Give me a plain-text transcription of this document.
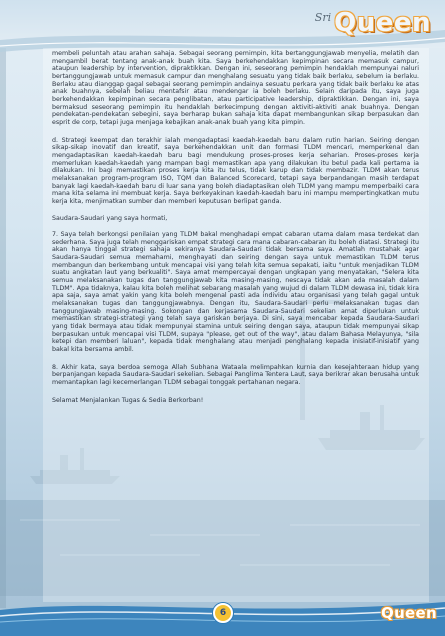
Sri Queen

membeli peluntah atau arahan sahaja. Sebagai seorang pemimpin, kita bertanggungjawab menyelia, melatih dan mengambil berat tentang anak-anak buah kita. Saya berkehendakkan kepimpinan secara memasuk campur, ataupun leadership by intervention, dipraktikkan. Dengan ini, seseorang pemimpin hendaklah mempunyai naluri bertanggungjawab untuk memasuk campur dan menghalang sesuatu yang tidak baik berlaku, sebelum ia berlaku. Berlaku atau dianggap gagal sebagai seorang pemimpin andainya sesuatu perkara yang tidak baik berlaku ke atas anak buahnya, sebelah beliau mentafsir atau mendengar ia boleh berlaku. Selain daripada itu, saya juga berkehendakkan kepimpinan secara penglibatan, atau participative leadership, dipraktikkan. Dengan ini, saya bermaksud seseorang pemimpin itu hendaklah berkecimpung dengan aktiviti-aktiviti anak buahnya. Dengan pendekatan-pendekatan sebegini, saya berharap bukan sahaja kita dapat membangunkan sikap berpasukan dan esprit de corp, tetapi juga menjaga kebajikan anak-anak buah yang kita pimpin.

d. Strategi keempat dan terakhir ialah mengadaptasi kaedah-kaedah baru dalam rutin harian. Seiring dengan sikap-sikap inovatif dan kreatif, saya berkehendakkan unit dan formasi TLDM mencari, memperkenal dan mengadaptasikan kaedah-kaedah baru bagi mendukung proses-proses kerja seharian. Proses-proses kerja memerlukan kaedah-kaedah yang mampan bagi memastikan apa yang dilakukan itu betul pada kali pertama ia dilakukan. Ini bagi memastikan proses kerja kita itu telus, tidak karup dan tidak membazir. TLDM akan terus melaksanakan program-program ISO, TQM dan Balanced Scorecard, tetapi saya berpandangan masih terdapat banyak lagi kaedah-kaedah baru di luar sana yang boleh diadaptasikan oleh TLDM yang mampu memperbaiki cara mana kita selama ini membuat kerja. Saya berkeyakinan kaedah-kaedah baru ini mampu mempertingkatkan mutu kerja kita, menjimatkan sumber dan memberi keputusan berlipat ganda.

Saudara-Saudari yang saya hormati,

7. Saya telah berkongsi penilaian yang TLDM bakal menghadapi empat cabaran utama dalam masa terdekat dan sederhana. Saya juga telah menggariskan empat strategi cara mana cabaran-cabaran itu boleh diatasi. Strategi itu akan hanya tinggal strategi sahaja sekiranya Saudara-Saudari tidak bersama saya. Amatlah mustahak agar Saudara-Saudari semua memahami, menghayati dan seiring dengan saya untuk memastikan TLDM terus membangun dan berkembang untuk mencapai visi yang telah kita semua sepakati, iaitu "untuk menjadikan TLDM suatu angkatan laut yang berkualiti". Saya amat mempercayai dengan ungkapan yang menyatakan, "Selera kita semua melaksanakan tugas dan tanggungjawab kita masing-masing, nescaya tidak akan ada masalah dalam TLDM". Apa tidaknya, kalau kita boleh melihat sebarang masalah yang wujud di dalam TLDM dewasa ini, tidak kira apa saja, saya amat yakin yang kita boleh mengenal pasti ada individu atau organisasi yang telah gagal untuk melaksanakan tugas dan tanggungjawabnya. Dengan itu, Saudara-Saudari perlu melaksanakan tugas dan tanggungjawab masing-masing. Sokongan dan kerjasama Saudara-Saudari sekelian amat diperlukan untuk memastikan strategi-strategi yang telah saya gariskan berjaya. Di sini, saya mencabar kepada Saudara-Saudari yang tidak bermaya atau tidak mempunyai stamina untuk seiring dengan saya, ataupun tidak mempunyai sikap berpasukan untuk mencapai visi TLDM, supaya "please, get out of the way", atau dalam Bahasa Melayunya, "sila ketepi dan memberi laluan", kepada tidak menghalang atau menjadi penghalang kepada inisiatif-inisiatif yang bakal kita bersama ambil.

8. Akhir kata, saya berdoa semoga Allah Subhana Wataala melimpahkan kurnia dan kesejahteraan hidup yang berpanjangan kepada Saudara-Saudari sekelian. Sebagai Panglima Tentera Laut, saya berikrar akan berusaha untuk memantapkan lagi kecemerlangan TLDM sebagai tonggak pertahanan negara.

Selamat Menjalankan Tugas & Sedia Berkorban!

6	Queen
